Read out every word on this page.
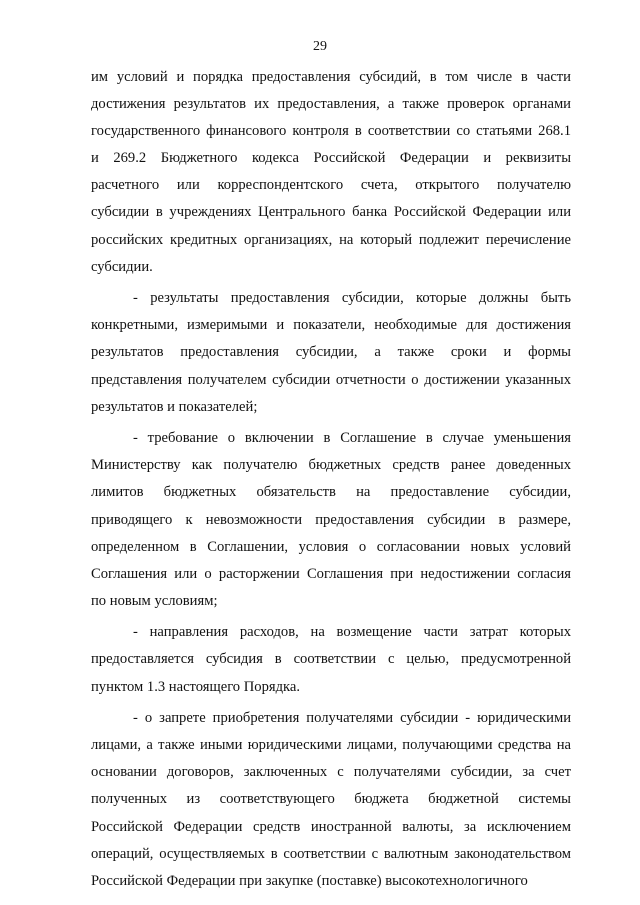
29
им условий и порядка предоставления субсидий, в том числе в части
достижения результатов их предоставления, а также проверок органами
государственного финансового контроля в соответствии со статьями 268.1
и 269.2 Бюджетного кодекса Российской Федерации и реквизиты
расчетного или корреспондентского счета, открытого получателю
субсидии в учреждениях Центрального банка Российской Федерации или
российских кредитных организациях, на который подлежит перечисление
субсидии.
- результаты предоставления субсидии, которые должны быть
конкретными, измеримыми и показатели, необходимые для достижения
результатов предоставления субсидии, а также сроки и формы
представления получателем субсидии отчетности о достижении указанных
результатов и показателей;
- требование о включении в Соглашение в случае уменьшения
Министерству как получателю бюджетных средств ранее доведенных
лимитов бюджетных обязательств на предоставление субсидии,
приводящего к невозможности предоставления субсидии в размере,
определенном в Соглашении, условия о согласовании новых условий
Соглашения или о расторжении Соглашения при недостижении согласия
по новым условиям;
- направления расходов, на возмещение части затрат которых
предоставляется субсидия в соответствии с целью, предусмотренной
пунктом 1.3 настоящего Порядка.
- о запрете приобретения получателями субсидии - юридическими
лицами, а также иными юридическими лицами, получающими средства на
основании договоров, заключенных с получателями субсидии, за счет
полученных из соответствующего бюджета бюджетной системы
Российской Федерации средств иностранной валюты, за исключением
операций, осуществляемых в соответствии с валютным законодательством
Российской Федерации при закупке (поставке) высокотехнологичного
